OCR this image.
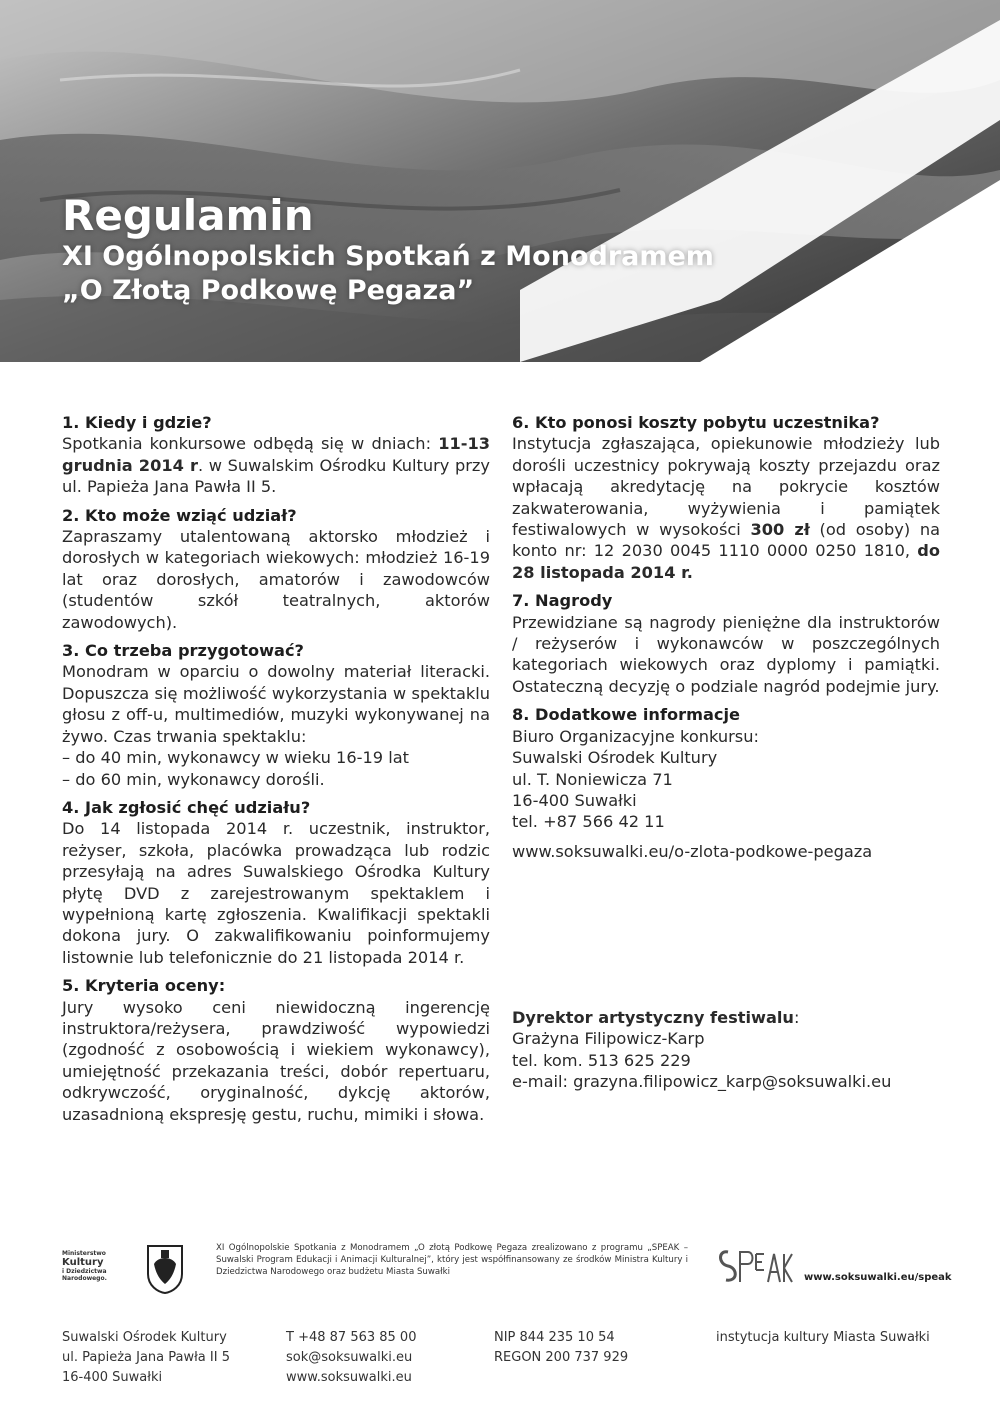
Regulamin
XI Ogólnopolskich Spotkań z Monodramem
„O Złotą Podkowę Pegaza”
1. Kiedy i gdzie?
Spotkania konkursowe odbędą się w dniach: 11-13 grudnia 2014 r. w Suwalskim Ośrodku Kultury przy ul. Papieża Jana Pawła II 5.
2. Kto może wziąć udział?
Zapraszamy utalentowaną aktorsko młodzież i dorosłych w kategoriach wiekowych: młodzież 16-19 lat oraz dorosłych, amatorów i zawodowców (studentów szkół teatralnych, aktorów zawodowych).
3. Co trzeba przygotować?
Monodram w oparciu o dowolny materiał literacki. Dopuszcza się możliwość wykorzystania w spektaklu głosu z off-u, multimediów, muzyki wykonywanej na żywo. Czas trwania spektaklu:
– do 40 min, wykonawcy w wieku 16-19 lat
– do 60 min, wykonawcy dorośli.
4. Jak zgłosić chęć udziału?
Do 14 listopada 2014 r. uczestnik, instruktor, reżyser, szkoła, placówka prowadząca lub rodzic przesyłają na adres Suwalskiego Ośrodka Kultury płytę DVD z zarejestrowanym spektaklem i wypełnioną kartę zgłoszenia. Kwalifikacji spektakli dokona jury. O zakwalifikowaniu poinformujemy listownie lub telefonicznie do 21 listopada 2014 r.
5. Kryteria oceny:
Jury wysoko ceni niewidoczną ingerencję instruktora/reżysera, prawdziwość wypowiedzi (zgodność z osobowością i wiekiem wykonawcy), umiejętność przekazania treści, dobór repertuaru, odkrywczość, oryginalność, dykcję aktorów, uzasadnioną ekspresję gestu, ruchu, mimiki i słowa.
6. Kto ponosi koszty pobytu uczestnika?
Instytucja zgłaszająca, opiekunowie młodzieży lub dorośli uczestnicy pokrywają koszty przejazdu oraz wpłacają akredytację na pokrycie kosztów zakwaterowania, wyżywienia i pamiątek festiwalowych w wysokości 300 zł (od osoby) na konto nr: 12 2030 0045 1110 0000 0250 1810, do 28 listopada 2014 r.
7. Nagrody
Przewidziane są nagrody pieniężne dla instruktorów / reżyserów i wykonawców w poszczególnych kategoriach wiekowych oraz dyplomy i pamiątki. Ostateczną decyzję o podziale nagród podejmie jury.
8. Dodatkowe informacje
Biuro Organizacyjne konkursu:
Suwalski Ośrodek Kultury
ul. T. Noniewicza 71
16-400 Suwałki
tel. +87 566 42 11
www.soksuwalki.eu/o-zlota-podkowe-pegaza
Dyrektor artystyczny festiwalu:
Grażyna Filipowicz-Karp
tel. kom. 513 625 229
e-mail: grazyna.filipowicz_karp@soksuwalki.eu
Ministerstwo
Kultury
i Dziedzictwa
Narodowego.
XI Ogólnopolskie Spotkania z Monodramem „O złotą Podkowę Pegaza zrealizowano z programu „SPEAK – Suwalski Program Edukacji i Animacji Kulturalnej”, który jest współfinansowany ze środków Ministra Kultury i Dziedzictwa Narodowego oraz budżetu Miasta Suwałki	www.soksuwalki.eu/speak
Suwalski Ośrodek Kultury
ul. Papieża Jana Pawła II 5
16-400 Suwałki
T +48 87 563 85 00
sok@soksuwalki.eu
www.soksuwalki.eu
NIP 844 235 10 54
REGON 200 737 929
instytucja kultury Miasta Suwałki
